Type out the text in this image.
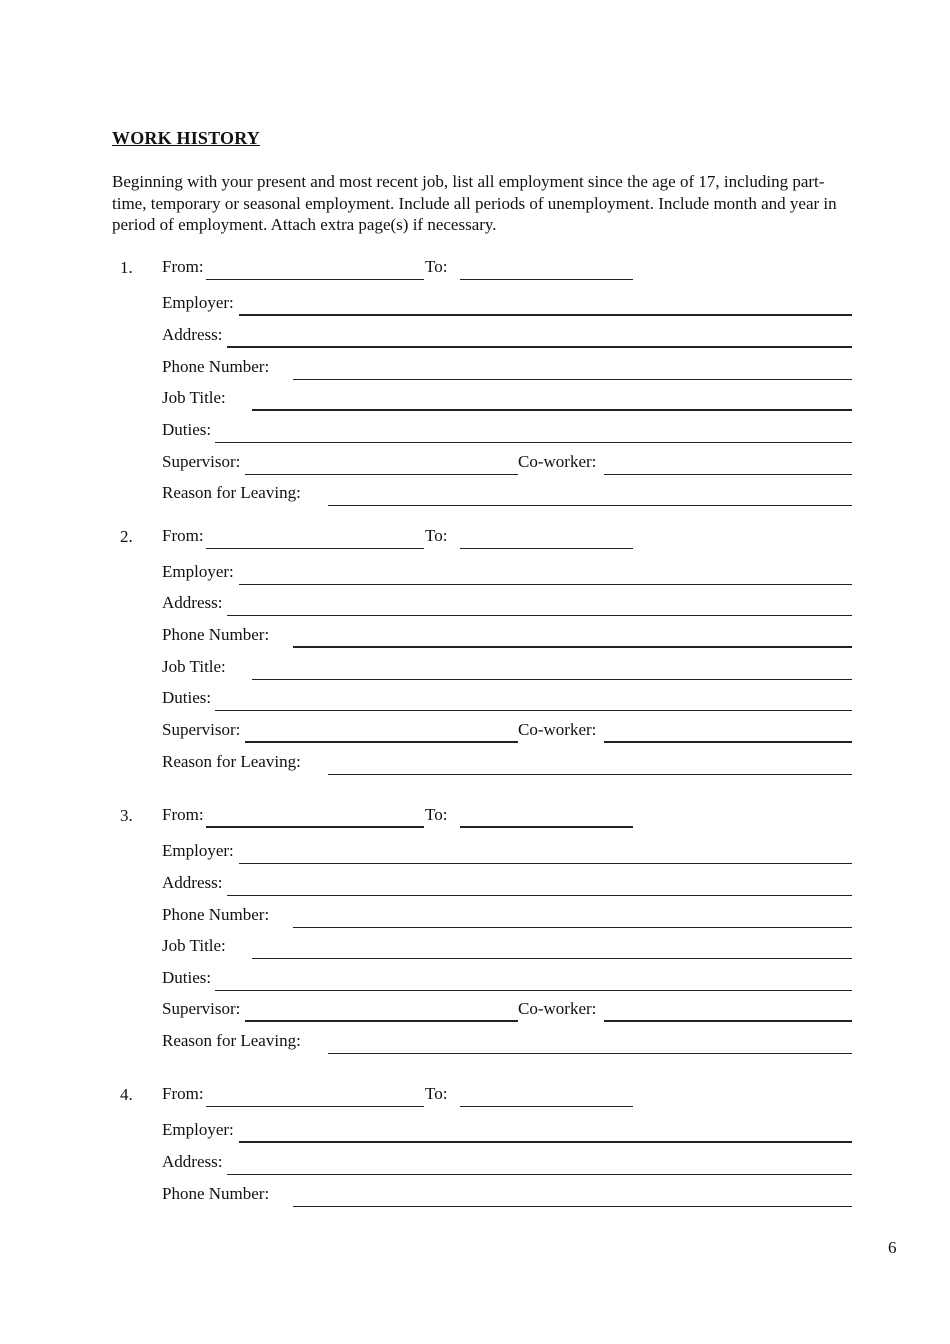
WORK HISTORY
Beginning with your present and most recent job, list all employment since the age of 17, including part-time, temporary or seasonal employment. Include all periods of unemployment. Include month and year in period of employment. Attach extra page(s) if necessary.
1. From:	To:
Employer:
Address:
Phone Number:
Job Title:
Duties:
Supervisor:	Co-worker:
Reason for Leaving:
2. From:	To:
Employer:
Address:
Phone Number:
Job Title:
Duties:
Supervisor:	Co-worker:
Reason for Leaving:
3. From:	To:
Employer:
Address:
Phone Number:
Job Title:
Duties:
Supervisor:	Co-worker:
Reason for Leaving:
4. From:	To:
Employer:
Address:
Phone Number:
6
